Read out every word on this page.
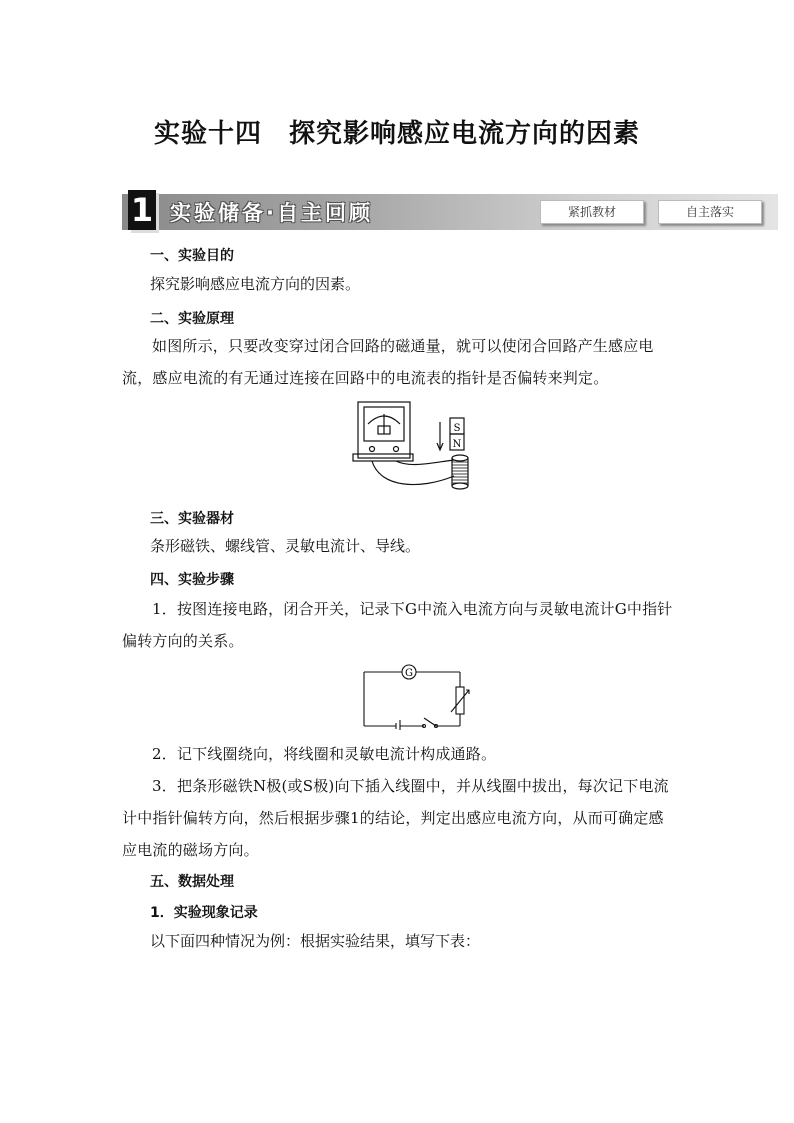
实验十四　探究影响感应电流方向的因素
1 实验储备·自主回顾	紧抓教材	自主落实
一、实验目的
探究影响感应电流方向的因素。
二、实验原理
如图所示，只要改变穿过闭合回路的磁通量，就可以使闭合回路产生感应电流，感应电流的有无通过连接在回路中的电流表的指针是否偏转来判定。
S
N
三、实验器材
条形磁铁、螺线管、灵敏电流计、导线。
四、实验步骤
1．按图连接电路，闭合开关，记录下G中流入电流方向与灵敏电流计G中指针偏转方向的关系。
G
2．记下线圈绕向，将线圈和灵敏电流计构成通路。
3．把条形磁铁N极(或S极)向下插入线圈中，并从线圈中拔出，每次记下电流计中指针偏转方向，然后根据步骤1的结论，判定出感应电流方向，从而可确定感应电流的磁场方向。
五、数据处理
1．实验现象记录
以下面四种情况为例：根据实验结果，填写下表：
